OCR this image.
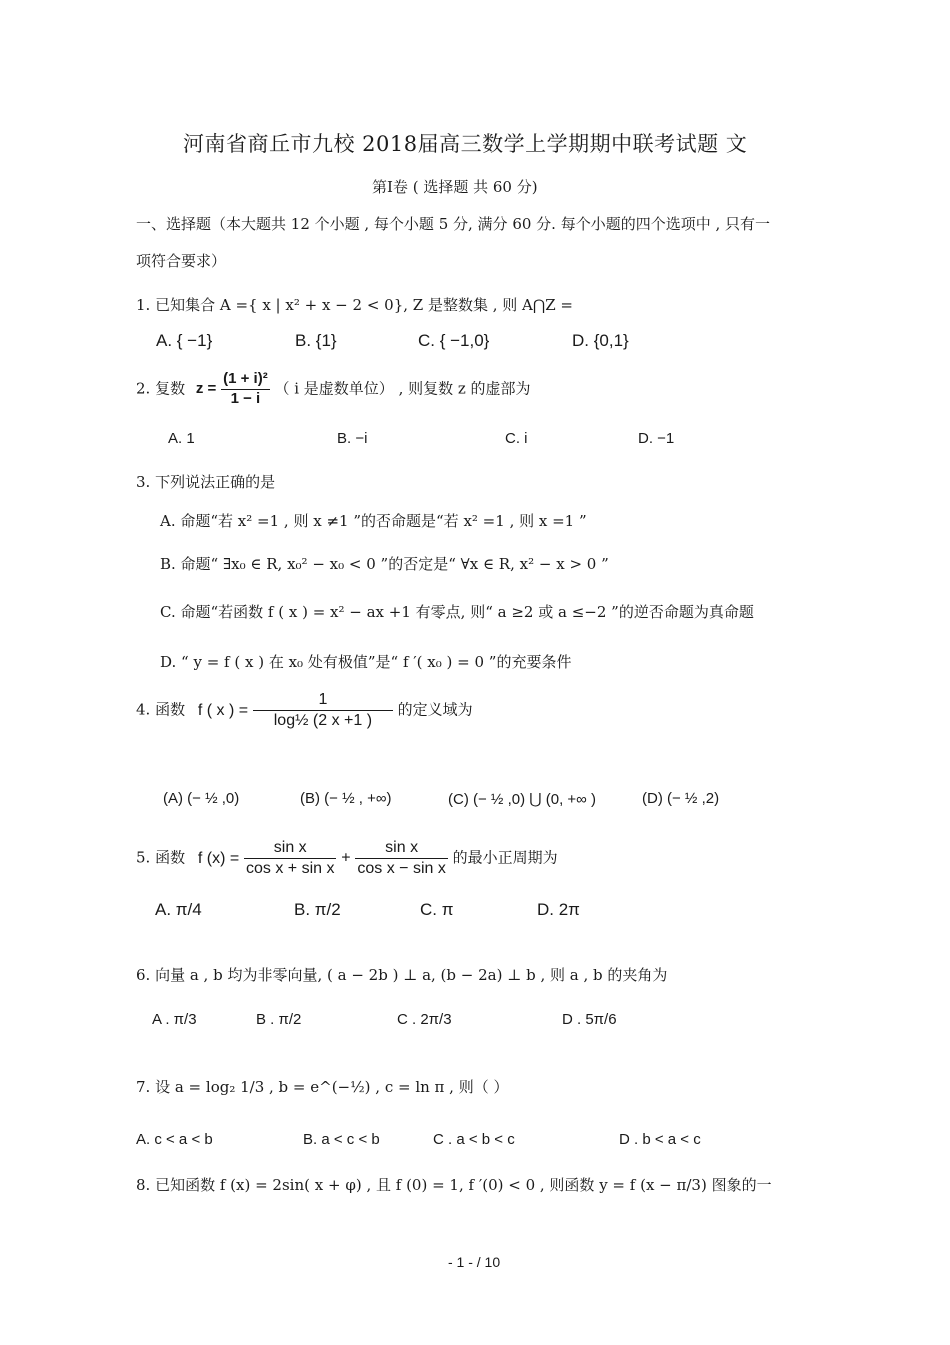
河南省商丘市九校 2018届高三数学上学期期中联考试题 文
第Ⅰ卷 ( 选择题 共 60 分)
一、选择题（本大题共 12 个小题 , 每个小题 5 分, 满分 60 分. 每个小题的四个选项中 , 只有一
项符合要求）
1. 已知集合 A ={ x | x² + x − 2 < 0}, Z 是整数集 , 则 A⋂Z =
A. { −1}	B. {1}	C. { −1,0}	D. {0,1}
2. 复数 $z = \frac{\text{(1 + i)²}}{1 - i}$ （ i 是虚数单位） , 则复数 z 的虚部为
A. 1	B. −i	C. i	D. −1
3. 下列说法正确的是
A. 命题“若 x² =1 , 则 x ≠1 ”的否命题是“若 x² =1 , 则 x =1 ”
B. 命题“ ∃x₀ ∈ R, x₀² − x₀ < 0 ”的否定是“ ∀x ∈ R, x² − x > 0 ”
C. 命题“若函数 f ( x ) = x² − ax +1 有零点, 则“ a ≥2 或 a ≤−2 ”的逆否命题为真命题
D. “ y = f ( x ) 在 x₀ 处有极值”是“ f ′( x₀ ) = 0 ”的充要条件
4. 函数 f ( x ) = $\frac{1}{\text{log½ (2 x +1 )}}$ 的定义域为
(A) (− ½ ,0)	(B) (− ½ , +∞)	(C) (− ½ ,0) ⋃ (0, +∞ )	(D) (− ½ ,2)
5. 函数 f $(x) = \frac{\text{sin x}}{\text{cos x + sin x}} + \frac{\text{sin x}}{\text{cos x − sin x}}$ 的最小正周期为
A. π/4	B. π/2	C. π	D. 2π
6. 向量 a , b 均为非零向量, ( a − 2b ) ⊥ a, (b − 2a) ⊥ b , 则 a , b 的夹角为
A . π/3	B . π/2	C . 2π/3	D . 5π/6
7. 设 a = log₂ 1/3 , b = e^(−½) , c = ln π , 则（ ）
A. c < a < b	B. a < c < b	C . a < b < c	D . b < a < c
8. 已知函数 f (x) = 2sin( x + φ) , 且 f (0) = 1, f ′(0) < 0 , 则函数 y = f (x − π/3) 图象的一
- 1 - / 10
